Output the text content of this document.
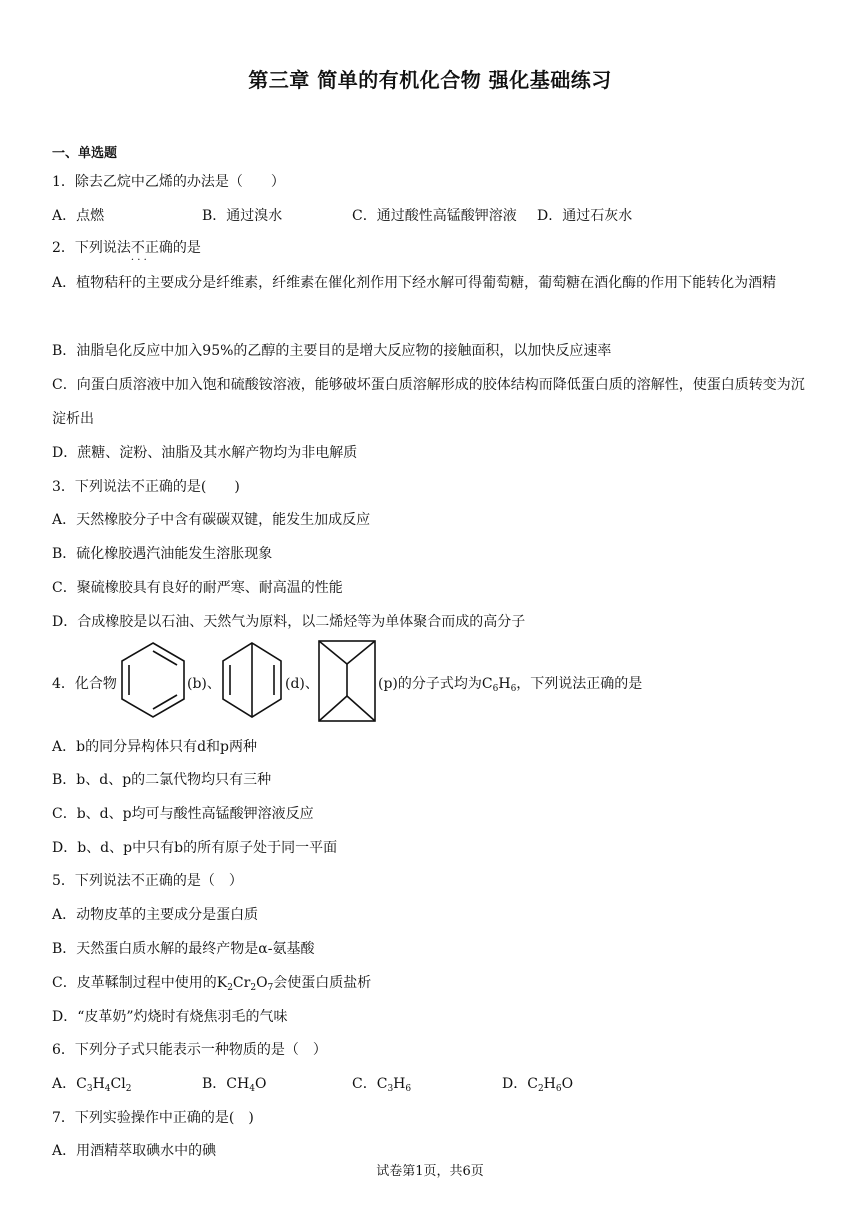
第三章 简单的有机化合物 强化基础练习
一、单选题
1．除去乙烷中乙烯的办法是（　　）
A．点燃	B．通过溴水	C．通过酸性高锰酸钾溶液 D．通过石灰水
2．下列说法不正确 · · ·的是
A．植物秸秆的主要成分是纤维素，纤维素在催化剂作用下经水解可得葡萄糖，葡萄糖在酒化酶的作用下能转化为酒精
B．油脂皂化反应中加入95%的乙醇的主要目的是增大反应物的接触面积，以加快反应速率
C．向蛋白质溶液中加入饱和硫酸铵溶液，能够破坏蛋白质溶解形成的胶体结构而降低蛋白质的溶解性，使蛋白质转变为沉淀析出
D．蔗糖、淀粉、油脂及其水解产物均为非电解质
3．下列说法不正确的是(　　)
A．天然橡胶分子中含有碳碳双键，能发生加成反应
B．硫化橡胶遇汽油能发生溶胀现象
C．聚硫橡胶具有良好的耐严寒、耐高温的性能
D．合成橡胶是以石油、天然气为原料，以二烯烃等为单体聚合而成的高分子
4．化合物	(b)、	(d)、	(p)的分子式均为$C_6H_6$，下列说法正确的是
A．b的同分异构体只有d和p两种
B．b、d、p的二氯代物均只有三种
C．b、d、p均可与酸性高锰酸钾溶液反应
D．b、d、p中只有b的所有原子处于同一平面
5．下列说法不正确的是（　）
A．动物皮革的主要成分是蛋白质
B．天然蛋白质水解的最终产物是α-氨基酸
C．皮革鞣制过程中使用的$K_2Cr_2O_7$会使蛋白质盐析
D．“皮革奶”灼烧时有烧焦羽毛的气味
6．下列分子式只能表示一种物质的是（　）
A．$C_3H_4Cl_2$	B．$CH_4O$	C．$C_3H_6$	D．$C_2H_6O$
7．下列实验操作中正确的是(　)
A．用酒精萃取碘水中的碘
试卷第1页，共6页
